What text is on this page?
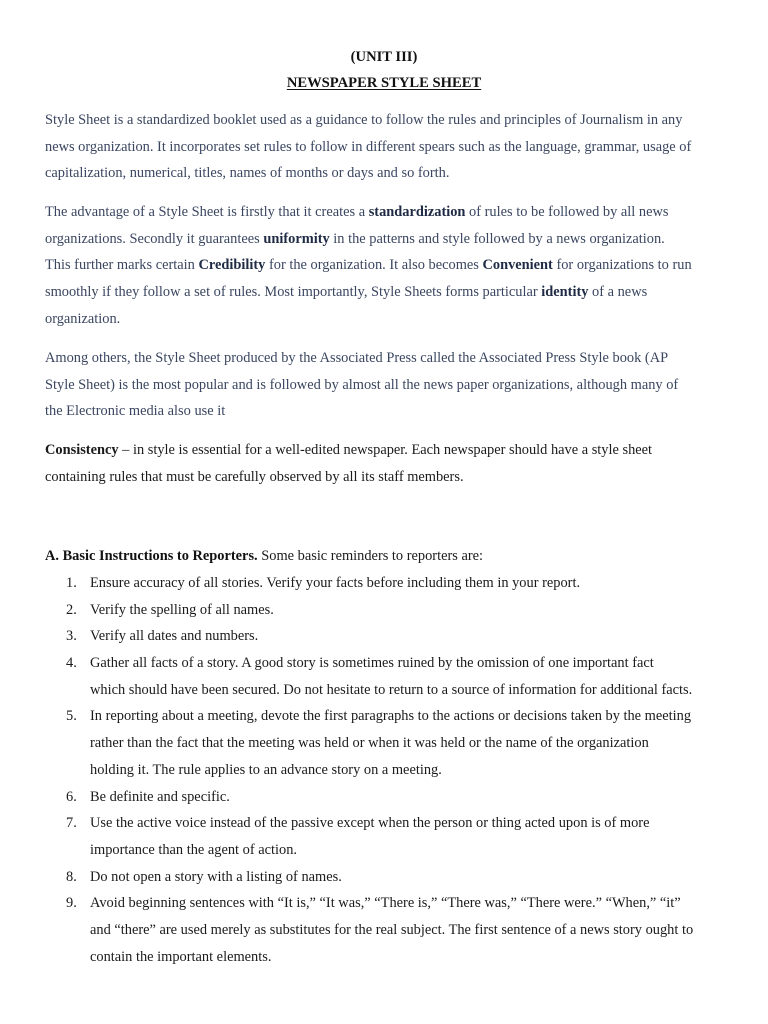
(UNIT III)
NEWSPAPER STYLE SHEET
Style Sheet is a standardized booklet used as a guidance to follow the rules and principles of Journalism in any
news organization. It incorporates set rules to follow in different spears such as the language, grammar, usage of
capitalization, numerical, titles, names of months or days and so forth.
The advantage of a Style Sheet is firstly that it creates a standardization of rules to be followed by all news
organizations. Secondly it guarantees uniformity in the patterns and style followed by a news organization.
This further marks certain Credibility for the organization. It also becomes Convenient for organizations to run
smoothly if they follow a set of rules. Most importantly, Style Sheets forms particular identity of a news
organization.
Among others, the Style Sheet produced by the Associated Press called the Associated Press Style book (AP
Style Sheet) is the most popular and is followed by almost all the news paper organizations, although many of
the Electronic media also use it
Consistency – in style is essential for a well-edited newspaper. Each newspaper should have a style sheet
containing rules that must be carefully observed by all its staff members.
A. Basic Instructions to Reporters. Some basic reminders to reporters are:
1. Ensure accuracy of all stories. Verify your facts before including them in your report.
2. Verify the spelling of all names.
3. Verify all dates and numbers.
4. Gather all facts of a story. A good story is sometimes ruined by the omission of one important fact
which should have been secured. Do not hesitate to return to a source of information for additional facts.
5. In reporting about a meeting, devote the first paragraphs to the actions or decisions taken by the meeting
rather than the fact that the meeting was held or when it was held or the name of the organization
holding it. The rule applies to an advance story on a meeting.
6. Be definite and specific.
7. Use the active voice instead of the passive except when the person or thing acted upon is of more
importance than the agent of action.
8. Do not open a story with a listing of names.
9. Avoid beginning sentences with “It is,” “It was,” “There is,” “There was,” “There were.” “When,” “it”
and “there” are used merely as substitutes for the real subject. The first sentence of a news story ought to
contain the important elements.
